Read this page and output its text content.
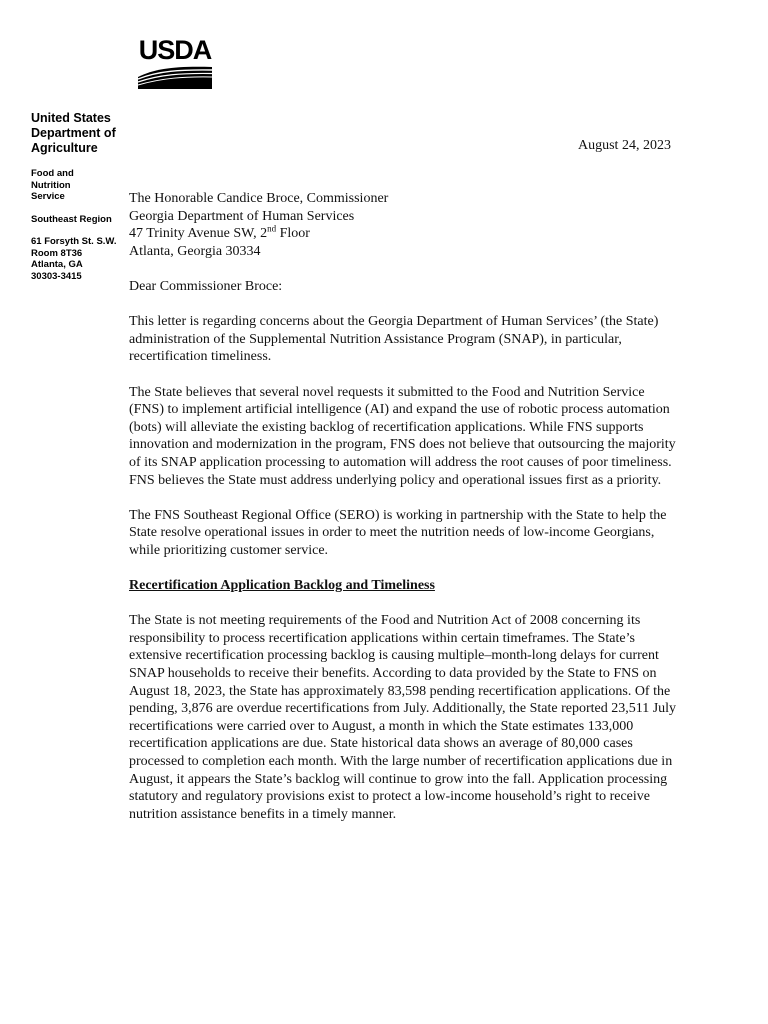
USDA
United States
Department of
Agriculture
Food and
Nutrition
Service
Southeast Region
61 Forsyth St. S.W.
Room 8T36
Atlanta, GA
30303-3415
August 24, 2023

The Honorable Candice Broce, Commissioner
Georgia Department of Human Services
47 Trinity Avenue SW, 2nd Floor
Atlanta, Georgia 30334

Dear Commissioner Broce:

This letter is regarding concerns about the Georgia Department of Human Services’ (the State) administration of the Supplemental Nutrition Assistance Program (SNAP), in particular, recertification timeliness.

The State believes that several novel requests it submitted to the Food and Nutrition Service (FNS) to implement artificial intelligence (AI) and expand the use of robotic process automation (bots) will alleviate the existing backlog of recertification applications. While FNS supports innovation and modernization in the program, FNS does not believe that outsourcing the majority of its SNAP application processing to automation will address the root causes of poor timeliness. FNS believes the State must address underlying policy and operational issues first as a priority.

The FNS Southeast Regional Office (SERO) is working in partnership with the State to help the State resolve operational issues in order to meet the nutrition needs of low-income Georgians, while prioritizing customer service.

Recertification Application Backlog and Timeliness

The State is not meeting requirements of the Food and Nutrition Act of 2008 concerning its responsibility to process recertification applications within certain timeframes. The State’s extensive recertification processing backlog is causing multiple–month-long delays for current SNAP households to receive their benefits. According to data provided by the State to FNS on August 18, 2023, the State has approximately 83,598 pending recertification applications. Of the pending, 3,876 are overdue recertifications from July. Additionally, the State reported 23,511 July recertifications were carried over to August, a month in which the State estimates 133,000 recertification applications are due. State historical data shows an average of 80,000 cases processed to completion each month. With the large number of recertification applications due in August, it appears the State’s backlog will continue to grow into the fall. Application processing statutory and regulatory provisions exist to protect a low-income household’s right to receive nutrition assistance benefits in a timely manner.
